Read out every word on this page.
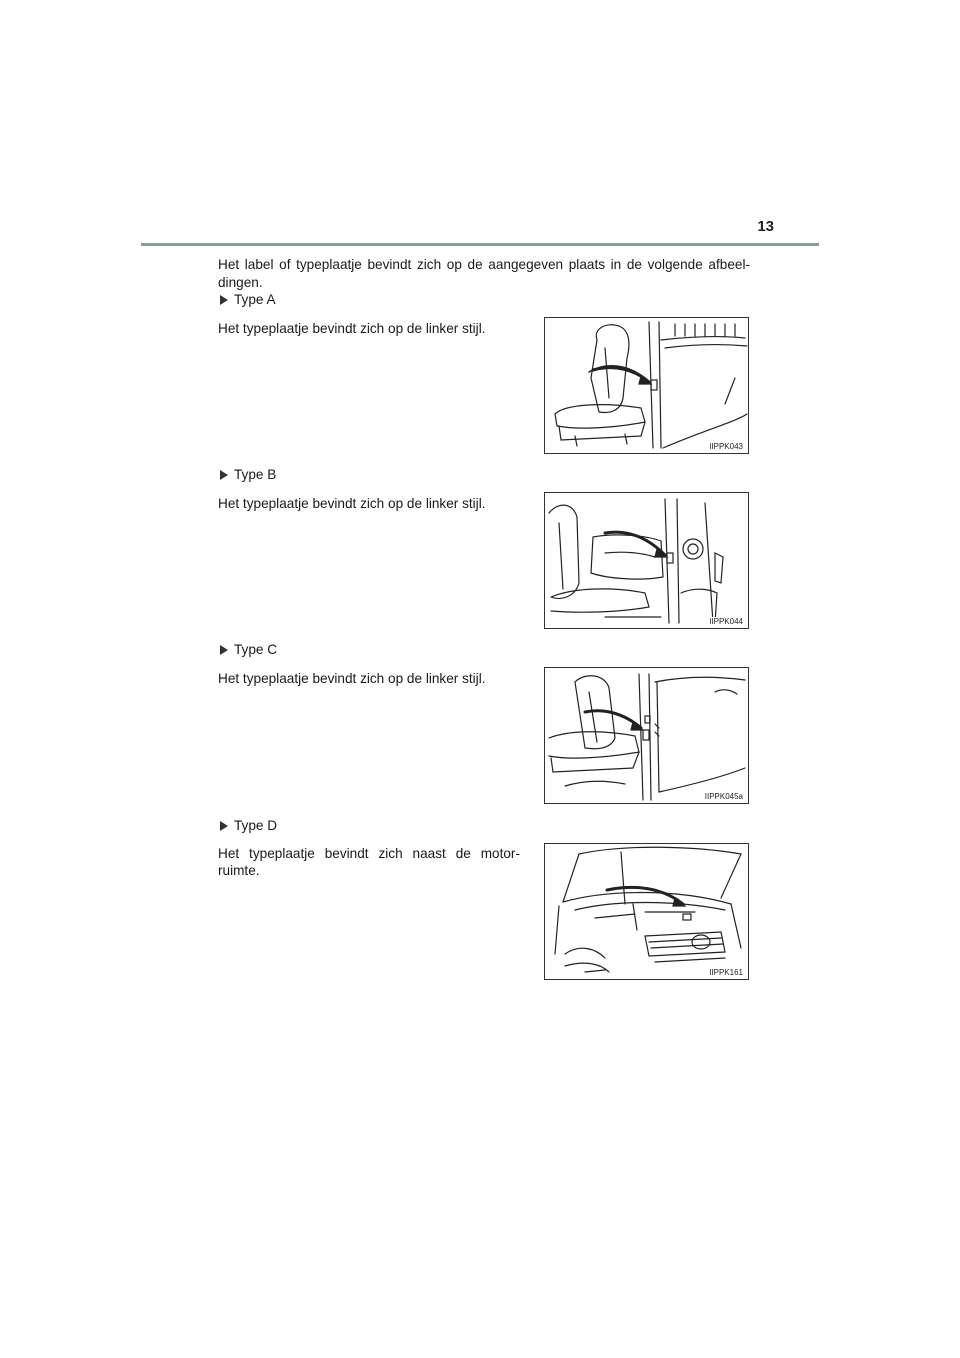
13

Het label of typeplaatje bevindt zich op de aangegeven plaats in de volgende afbeel-dingen.

Type A

Het typeplaatje bevindt zich op de linker stijl.

IIPPK043
Type B

Het typeplaatje bevindt zich op de linker stijl.

IIPPK044
Type C

Het typeplaatje bevindt zich op de linker stijl.

IIPPK045a
Type D

Het typeplaatje bevindt zich naast de motor-ruimte.

IIPPK161
